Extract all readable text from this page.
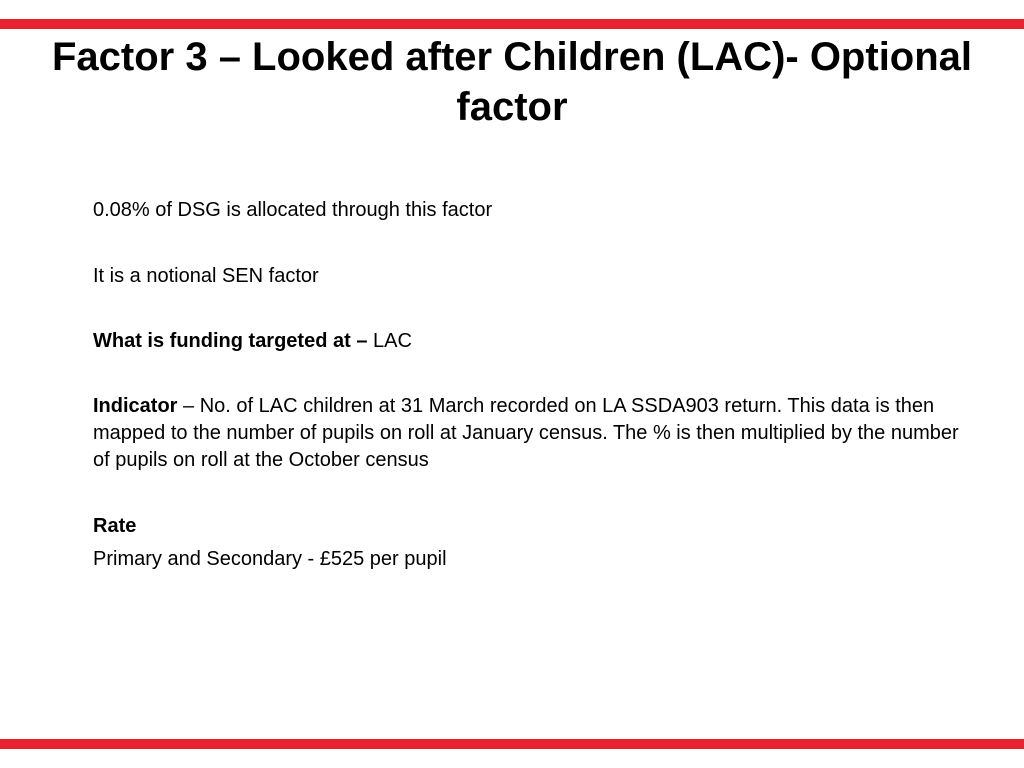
Factor 3 – Looked after Children (LAC)- Optional factor

0.08% of DSG is allocated through this factor

It is a notional SEN factor

What is funding targeted at – LAC

Indicator – No. of LAC children at 31 March recorded on LA SSDA903 return. This data is then mapped to the number of pupils on roll at January census. The % is then multiplied by the number of pupils on roll at the October census

Rate

Primary and Secondary - £525 per pupil
